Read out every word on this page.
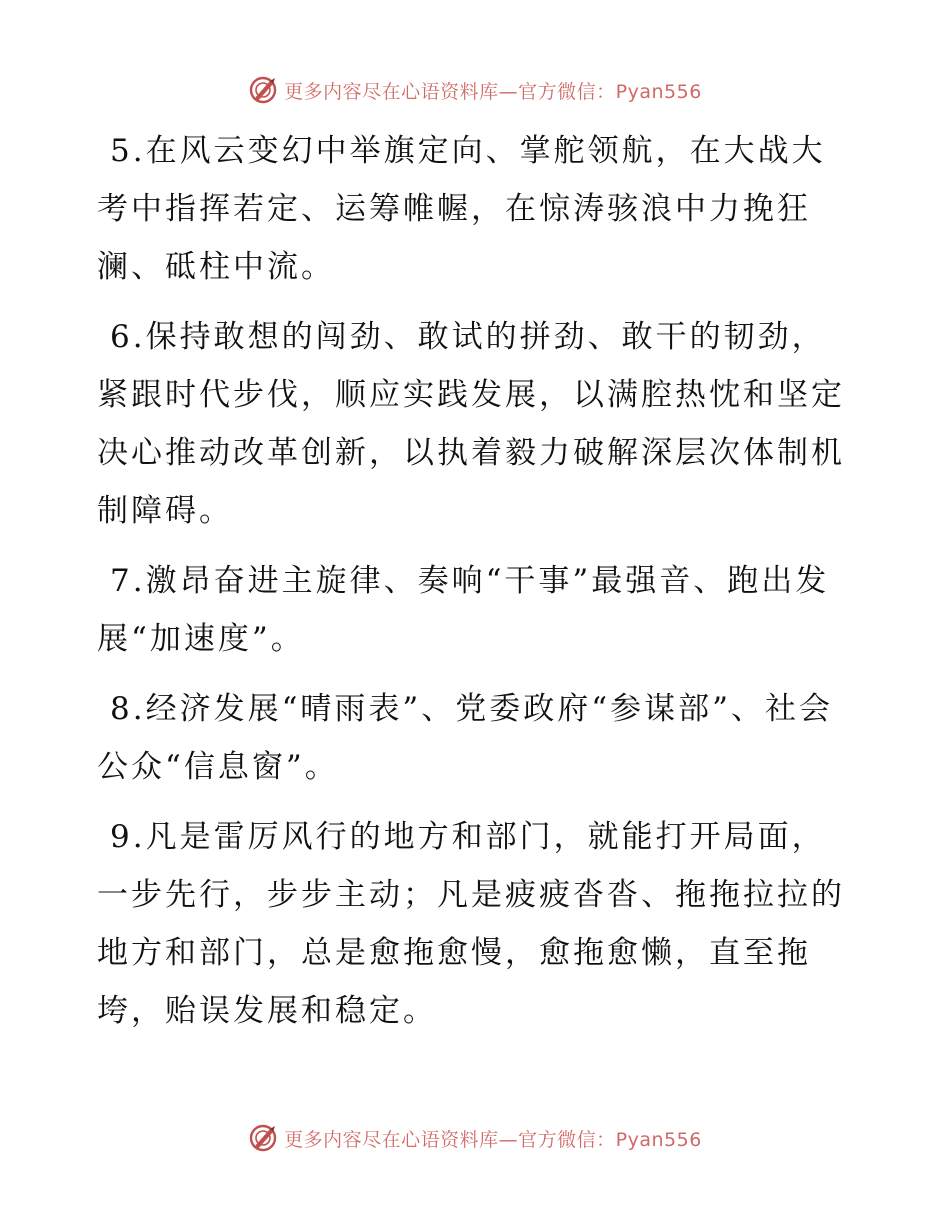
更多内容尽在心语资料库—官方微信：Pyan556

5.在风云变幻中举旗定向、掌舵领航，在大战大考中指挥若定、运筹帷幄，在惊涛骇浪中力挽狂澜、砥柱中流。

6.保持敢想的闯劲、敢试的拼劲、敢干的韧劲，紧跟时代步伐，顺应实践发展，以满腔热忱和坚定决心推动改革创新，以执着毅力破解深层次体制机制障碍。

7.激昂奋进主旋律、奏响“干事”最强音、跑出发展“加速度”。

8.经济发展“晴雨表”、党委政府“参谋部”、社会公众“信息窗”。

9.凡是雷厉风行的地方和部门，就能打开局面，一步先行，步步主动；凡是疲疲沓沓、拖拖拉拉的地方和部门，总是愈拖愈慢，愈拖愈懒，直至拖垮，贻误发展和稳定。

更多内容尽在心语资料库—官方微信：Pyan556
